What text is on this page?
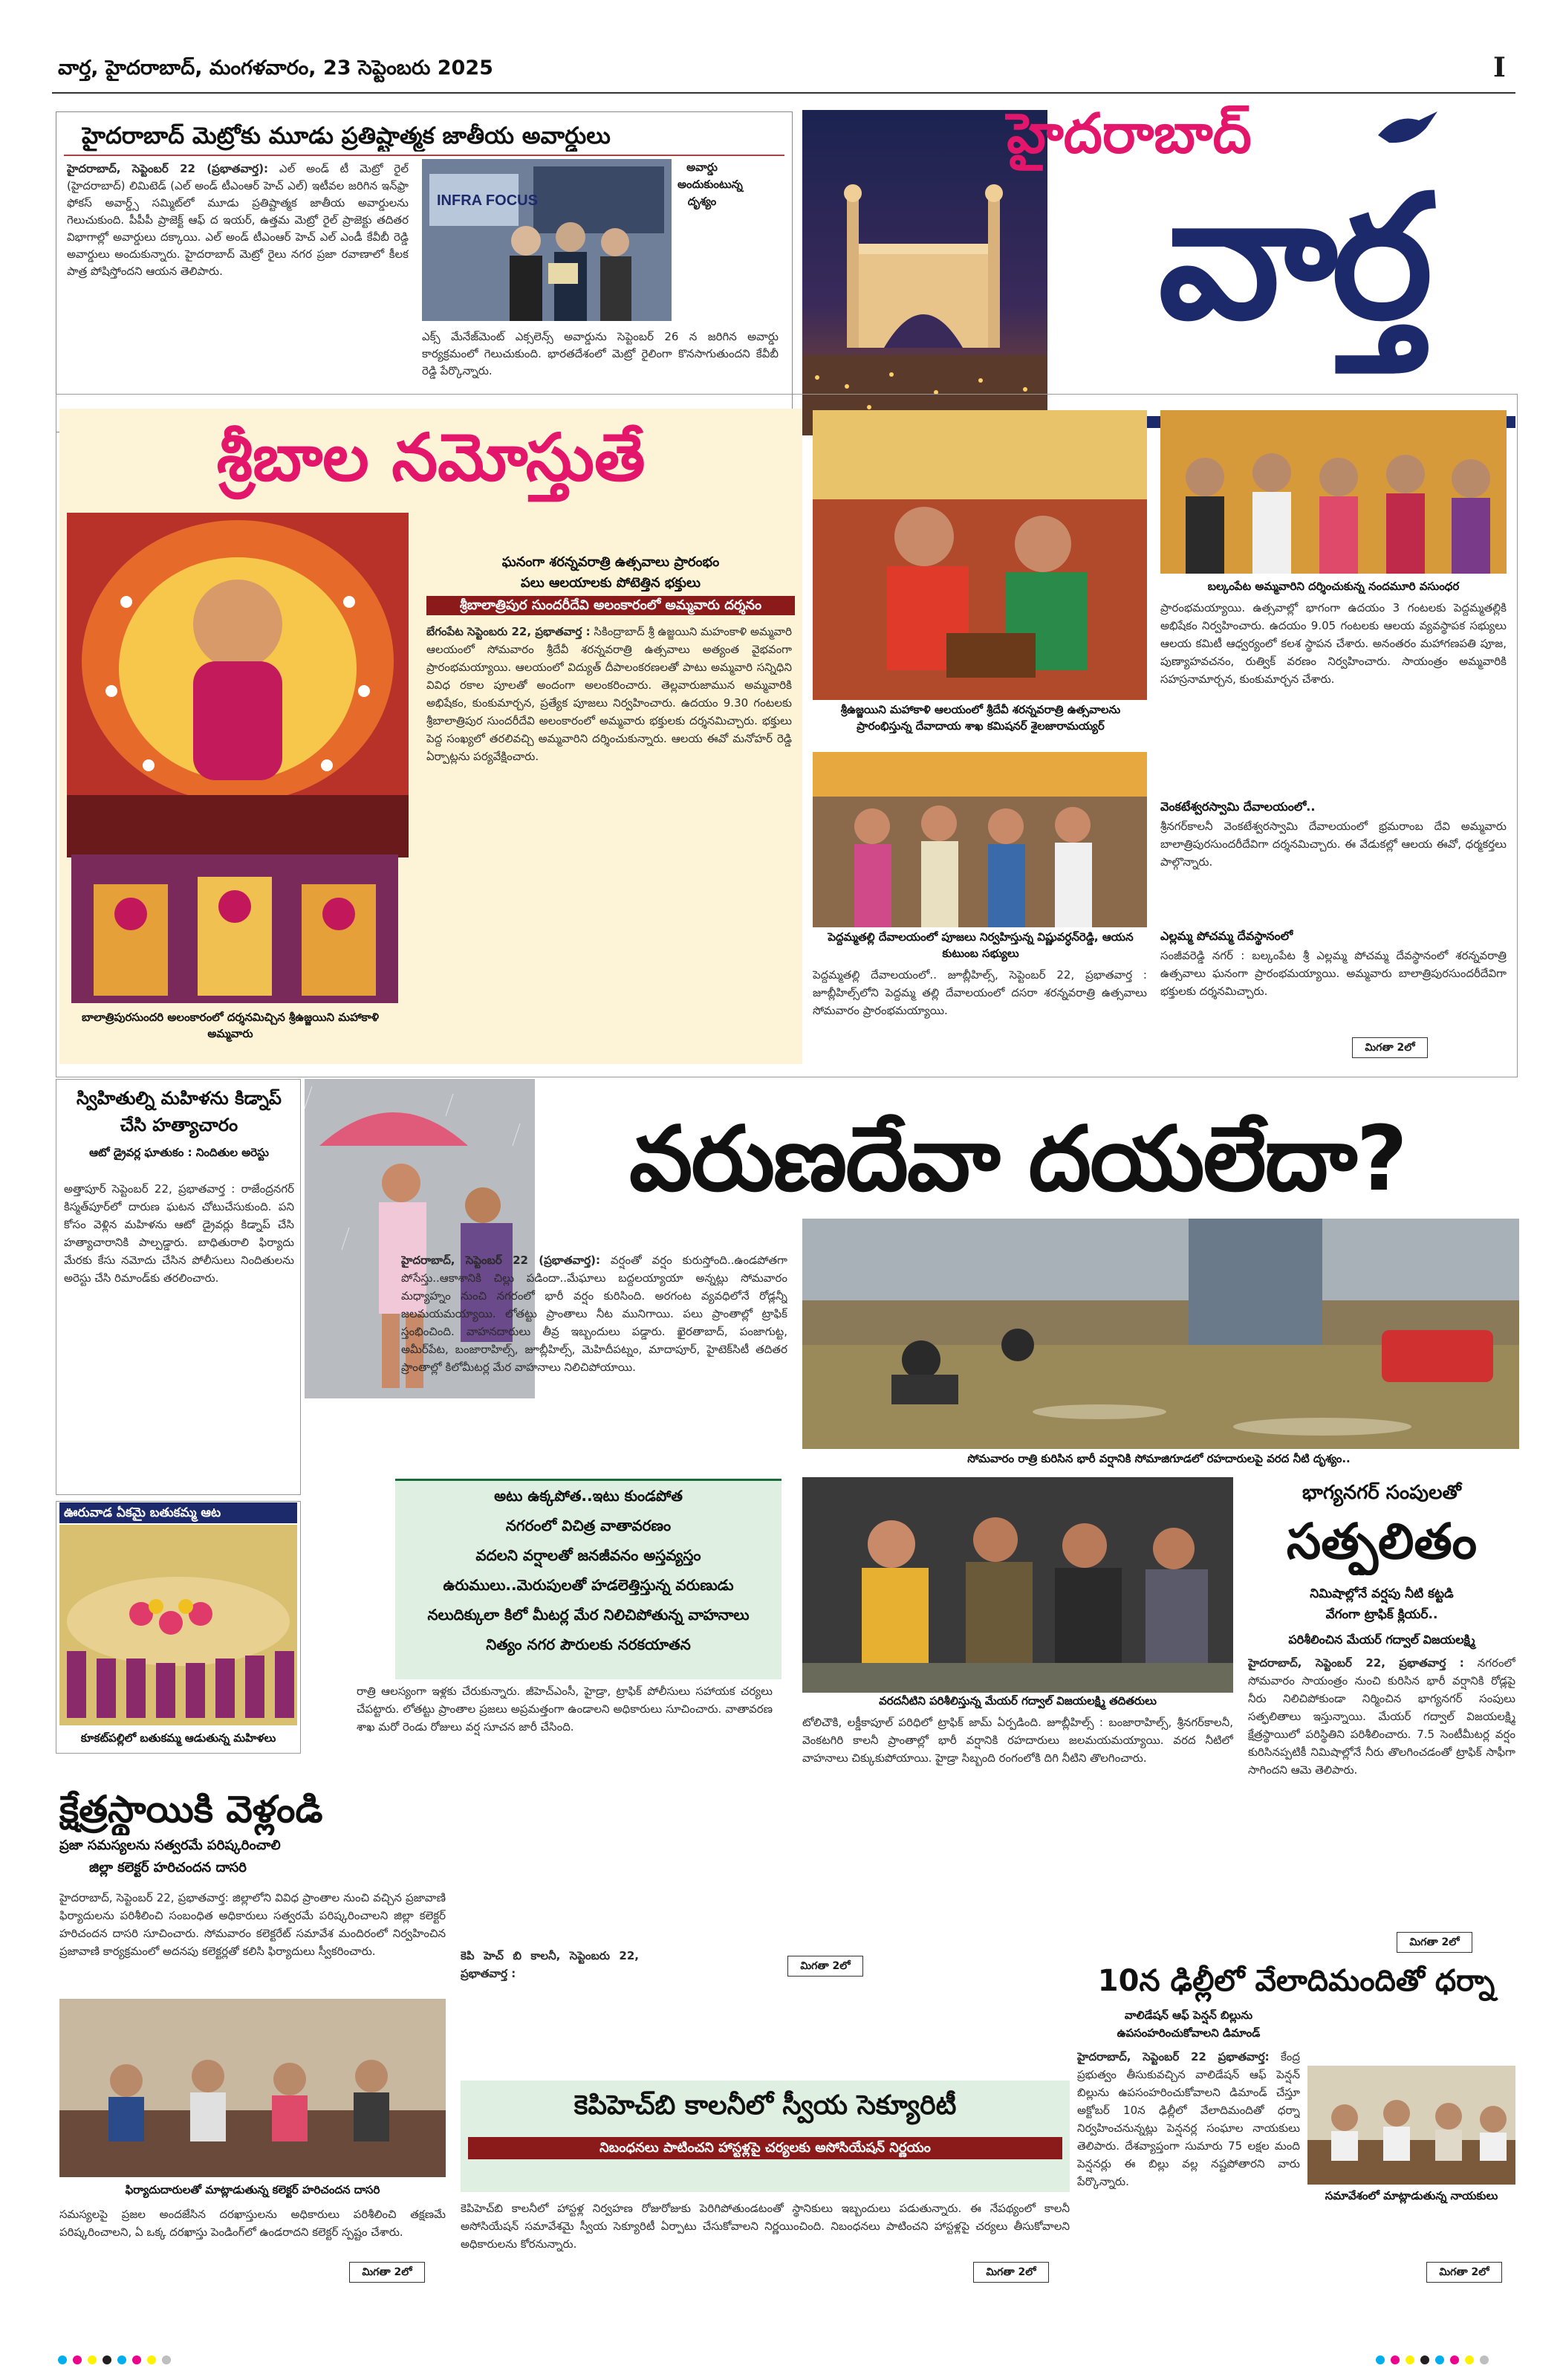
వార్త, హైదరాబాద్, మంగళవారం, 23 సెప్టెంబరు 2025	I
హైదరాబాద్ మెట్రోకు మూడు ప్రతిష్టాత్మక జాతీయ అవార్డులు
హైదరాబాద్, సెప్టెంబర్ 22 (ప్రభాతవార్త): ఎల్ అండ్ టీ మెట్రో రైల్ (హైదరాబాద్) లిమిటెడ్ (ఎల్ అండ్ టీఎంఆర్ హెచ్ ఎల్) ఇటీవల జరిగిన ఇన్‌ఫ్రా ఫోకస్ అవార్డ్స్ సమ్మిట్‌లో మూడు ప్రతిష్టాత్మక జాతీయ అవార్డులను గెలుచుకుంది. పీపీపీ ప్రాజెక్ట్ ఆఫ్ ద ఇయర్, ఉత్తమ మెట్రో రైల్ ప్రాజెక్టు తదితర విభాగాల్లో అవార్డులు దక్కాయి. ఎల్ అండ్ టీఎంఆర్ హెచ్ ఎల్ ఎండీ కేవీబీ రెడ్డి అవార్డులు అందుకున్నారు. హైదరాబాద్ మెట్రో రైలు నగర ప్రజా రవాణాలో కీలక పాత్ర పోషిస్తోందని ఆయన తెలిపారు.
INFRA FOCUS
అవార్డు అందుకుంటున్న దృశ్యం
ఎక్స్ మేనేజ్‌మెంట్ ఎక్సలెన్స్ అవార్డును సెప్టెంబర్ 26 న జరిగిన అవార్డు కార్యక్రమంలో గెలుచుకుంది. భారతదేశంలో మెట్రో రైలింగా కొనసాగుతుందని కేవీబీ రెడ్డి పేర్కొన్నారు.
హైదరాబాద్
వార్త
శ్రీబాల నమోస్తుతే
బాలాత్రిపురసుందరి అలంకారంలో దర్శనమిచ్చిన శ్రీఉజ్జయిని మహాకాళి అమ్మవారు
ఘనంగా శరన్నవరాత్రి ఉత్సవాలు ప్రారంభం
పలు ఆలయాలకు పోటెత్తిన భక్తులు
శ్రీబాలాత్రిపుర సుందరీదేవి అలంకారంలో అమ్మవారు దర్శనం
బేగంపేట సెప్టెంబరు 22, ప్రభాతవార్త : సికింద్రాబాద్ శ్రీ ఉజ్జయిని మహంకాళి అమ్మవారి ఆలయంలో సోమవారం శ్రీదేవీ శరన్నవరాత్రి ఉత్సవాలు అత్యంత వైభవంగా ప్రారంభమయ్యాయి. ఆలయంలో విద్యుత్ దీపాలంకరణలతో పాటు అమ్మవారి సన్నిధిని వివిధ రకాల పూలతో అందంగా అలంకరించారు. తెల్లవారుజామున అమ్మవారికి అభిషేకం, కుంకుమార్చన, ప్రత్యేక పూజలు నిర్వహించారు. ఉదయం 9.30 గంటలకు శ్రీబాలాత్రిపుర సుందరీదేవి అలంకారంలో అమ్మవారు భక్తులకు దర్శనమిచ్చారు. భక్తులు పెద్ద సంఖ్యలో తరలివచ్చి అమ్మవారిని దర్శించుకున్నారు. ఆలయ ఈవో మనోహర్ రెడ్డి ఏర్పాట్లను పర్యవేక్షించారు.
శ్రీఉజ్జయిని మహాకాళి ఆలయంలో శ్రీదేవీ శరన్నవరాత్రి ఉత్సవాలను ప్రారంభిస్తున్న దేవాదాయ శాఖ కమిషనర్ శైలజారామయ్యర్
పెద్దమ్మతల్లి దేవాలయంలో పూజలు నిర్వహిస్తున్న విష్ణువర్ధన్‌రెడ్డి, ఆయన కుటుంబ సభ్యులు
పెద్దమ్మతల్లి దేవాలయంలో.. జూబ్లీహిల్స్, సెప్టెంబర్ 22, ప్రభాతవార్త : జూబ్లీహిల్స్‌లోని పెద్దమ్మ తల్లి దేవాలయంలో దసరా శరన్నవరాత్రి ఉత్సవాలు సోమవారం ప్రారంభమయ్యాయి.
బల్కంపేట అమ్మవారిని దర్శించుకున్న నందమూరి వసుంధర
ప్రారంభమయ్యాయి. ఉత్సవాల్లో భాగంగా ఉదయం 3 గంటలకు పెద్దమ్మతల్లికి అభిషేకం నిర్వహించారు. ఉదయం 9.05 గంటలకు ఆలయ వ్యవస్థాపక సభ్యులు ఆలయ కమిటీ ఆధ్వర్యంలో కలశ స్థాపన చేశారు. అనంతరం మహాగణపతి పూజ, పుణ్యాహవచనం, రుత్విక్ వరణం నిర్వహించారు. సాయంత్రం అమ్మవారికి సహస్రనామార్చన, కుంకుమార్చన చేశారు.
వెంకటేశ్వరస్వామి దేవాలయంలో..
శ్రీనగర్‌కాలనీ వెంకటేశ్వరస్వామి దేవాలయంలో భ్రమరాంబ దేవి అమ్మవారు బాలాత్రిపురసుందరీదేవిగా దర్శనమిచ్చారు. ఈ వేడుకల్లో ఆలయ ఈవో, ధర్మకర్తలు పాల్గొన్నారు.
ఎల్లమ్మ పోచమ్మ దేవస్థానంలో
సంజీవరెడ్డి నగర్ : బల్కంపేట శ్రీ ఎల్లమ్మ పోచమ్మ దేవస్థానంలో శరన్నవరాత్రి ఉత్సవాలు ఘనంగా ప్రారంభమయ్యాయి. అమ్మవారు బాలాత్రిపురసుందరీదేవిగా భక్తులకు దర్శనమిచ్చారు.
మిగతా 2లో
స్విహితుల్ని మహిళను కిడ్నాప్ చేసి హత్యాచారం
ఆటో డ్రైవర్ల ఘాతుకం : నిందితుల అరెస్టు
అత్తాపూర్ సెప్టెంబర్ 22, ప్రభాతవార్త : రాజేంద్రనగర్ కిస్మత్‌పూర్‌లో దారుణ ఘటన చోటుచేసుకుంది. పని కోసం వెళ్లిన మహిళను ఆటో డ్రైవర్లు కిడ్నాప్ చేసి హత్యాచారానికి పాల్పడ్డారు. బాధితురాలి ఫిర్యాదు మేరకు కేసు నమోదు చేసిన పోలీసులు నిందితులను అరెస్టు చేసి రిమాండ్‌కు తరలించారు.
వరుణదేవా దయలేదా?
హైదరాబాద్, సెప్టెంబర్ 22 (ప్రభాతవార్త): వర్షంతో వర్షం కురుస్తోంది..ఉండపోతగా పోసేస్తు..ఆకాశానికి చిల్లు పడిందా..మేఘాలు బద్దలయ్యాయా అన్నట్లు సోమవారం మధ్యాహ్నం నుంచి నగరంలో భారీ వర్షం కురిసింది. అరగంట వ్యవధిలోనే రోడ్లన్నీ జలమయమయ్యాయి. లోతట్టు ప్రాంతాలు నీట మునిగాయి. పలు ప్రాంతాల్లో ట్రాఫిక్ స్తంభించింది. వాహనదారులు తీవ్ర ఇబ్బందులు పడ్డారు. ఖైరతాబాద్, పంజాగుట్ట, అమీర్‌పేట, బంజారాహిల్స్, జూబ్లీహిల్స్, మెహిదీపట్నం, మాదాపూర్, హైటెక్‌సిటీ తదితర ప్రాంతాల్లో కిలోమీటర్ల మేర వాహనాలు నిలిచిపోయాయి.
సోమవారం రాత్రి కురిసిన భారీ వర్షానికి సోమాజిగూడలో రహదారులపై వరద నీటి దృశ్యం..
అటు ఉక్కపోత..ఇటు కుండపోత
నగరంలో విచిత్ర వాతావరణం
వదలని వర్షాలతో జనజీవనం అస్తవ్యస్తం
ఉరుములు..మెరుపులతో హడలెత్తిస్తున్న వరుణుడు
నలుదిక్కులా కిలో మీటర్ల మేర నిలిచిపోతున్న వాహనాలు
నిత్యం నగర పౌరులకు నరకయాతన
వరదనీటిని పరిశీలిస్తున్న మేయర్ గద్వాల్ విజయలక్ష్మి తదితరులు
రాత్రి ఆలస్యంగా ఇళ్లకు చేరుకున్నారు. జీహెచ్ఎంసీ, హైడ్రా, ట్రాఫిక్ పోలీసులు సహాయక చర్యలు చేపట్టారు. లోతట్టు ప్రాంతాల ప్రజలు అప్రమత్తంగా ఉండాలని అధికారులు సూచించారు. వాతావరణ శాఖ మరో రెండు రోజులు వర్ష సూచన జారీ చేసింది.	టోలిచౌకి, లక్డీకాపూల్ పరిధిలో ట్రాఫిక్ జామ్ ఏర్పడింది. జూబ్లీహిల్స్ : బంజారాహిల్స్, శ్రీనగర్‌కాలనీ, వెంకటగిరి కాలనీ ప్రాంతాల్లో భారీ వర్షానికి రహదారులు జలమయమయ్యాయి. వరద నీటిలో వాహనాలు చిక్కుకుపోయాయి. హైడ్రా సిబ్బంది రంగంలోకి దిగి నీటిని తొలగించారు.
మిగతా 2లో
ఊరువాడ ఏకమై బతుకమ్మ ఆట
కూకట్‌పల్లిలో బతుకమ్మ ఆడుతున్న మహిళలు
క్షేత్రస్థాయికి వెళ్లండి
ప్రజా సమస్యలను సత్వరమే పరిష్కరించాలి
జిల్లా కలెక్టర్ హరిచందన దాసరి
హైదరాబాద్, సెప్టెంబర్ 22, ప్రభాతవార్త: జిల్లాలోని వివిధ ప్రాంతాల నుంచి వచ్చిన ప్రజావాణి ఫిర్యాదులను పరిశీలించి సంబంధిత అధికారులు సత్వరమే పరిష్కరించాలని జిల్లా కలెక్టర్ హరిచందన దాసరి సూచించారు. సోమవారం కలెక్టరేట్ సమావేశ మందిరంలో నిర్వహించిన ప్రజావాణి కార్యక్రమంలో అదనపు కలెక్టర్లతో కలిసి ఫిర్యాదులు స్వీకరించారు.
ఫిర్యాదుదారులతో మాట్లాడుతున్న కలెక్టర్ హరిచందన దాసరి
సమస్యలపై ప్రజల అందజేసిన దరఖాస్తులను అధికారులు పరిశీలించి తక్షణమే పరిష్కరించాలని, ఏ ఒక్క దరఖాస్తు పెండింగ్‌లో ఉండరాదని కలెక్టర్ స్పష్టం చేశారు.
మిగతా 2లో
భాగ్యనగర్ సంపులతో
సత్ఫలితం
నిమిషాల్లోనే వర్షపు నీటి కట్టడి
వేగంగా ట్రాఫిక్ క్లియర్..
పరిశీలించిన మేయర్ గద్వాల్ విజయలక్ష్మి
హైదరాబాద్, సెప్టెంబర్ 22, ప్రభాతవార్త : నగరంలో సోమవారం సాయంత్రం నుంచి కురిసిన భారీ వర్షానికి రోడ్లపై నీరు నిలిచిపోకుండా నిర్మించిన భాగ్యనగర్ సంపులు సత్ఫలితాలు ఇస్తున్నాయి. మేయర్ గద్వాల్ విజయలక్ష్మి క్షేత్రస్థాయిలో పరిస్థితిని పరిశీలించారు. 7.5 సెంటీమీటర్ల వర్షం కురిసినప్పటికీ నిమిషాల్లోనే నీరు తొలగించడంతో ట్రాఫిక్ సాఫీగా సాగిందని ఆమె తెలిపారు.
మిగతా 2లో
కెపిహెచ్‌బి కాలనీలో స్వీయ సెక్యూరిటీ
నిబంధనలు పాటించని హాస్టళ్లపై చర్యలకు అసోసియేషన్ నిర్ణయం
కెపి హెచ్ బి కాలనీ, సెప్టెంబరు 22, ప్రభాతవార్త :
కెపిహెచ్‌బి కాలనీలో హాస్టళ్ల నిర్వహణ రోజురోజుకు పెరిగిపోతుండటంతో స్థానికులు ఇబ్బందులు పడుతున్నారు. ఈ నేపథ్యంలో కాలనీ అసోసియేషన్ సమావేశమై స్వీయ సెక్యూరిటీ ఏర్పాటు చేసుకోవాలని నిర్ణయించింది. నిబంధనలు పాటించని హాస్టళ్లపై చర్యలు తీసుకోవాలని అధికారులను కోరనున్నారు.
మిగతా 2లో
10న ఢిల్లీలో వేలాదిమందితో ధర్నా
వాలిడేషన్ ఆఫ్ పెన్షన్ బిల్లును ఉపసంహరించుకోవాలని డిమాండ్
హైదరాబాద్, సెప్టెంబర్ 22 ప్రభాతవార్త: కేంద్ర ప్రభుత్వం తీసుకువచ్చిన వాలిడేషన్ ఆఫ్ పెన్షన్ బిల్లును ఉపసంహరించుకోవాలని డిమాండ్ చేస్తూ అక్టోబర్ 10న ఢిల్లీలో వేలాదిమందితో ధర్నా నిర్వహించనున్నట్లు పెన్షనర్ల సంఘాల నాయకులు తెలిపారు. దేశవ్యాప్తంగా సుమారు 75 లక్షల మంది పెన్షనర్లు ఈ బిల్లు వల్ల నష్టపోతారని వారు పేర్కొన్నారు.
సమావేశంలో మాట్లాడుతున్న నాయకులు
మిగతా 2లో
